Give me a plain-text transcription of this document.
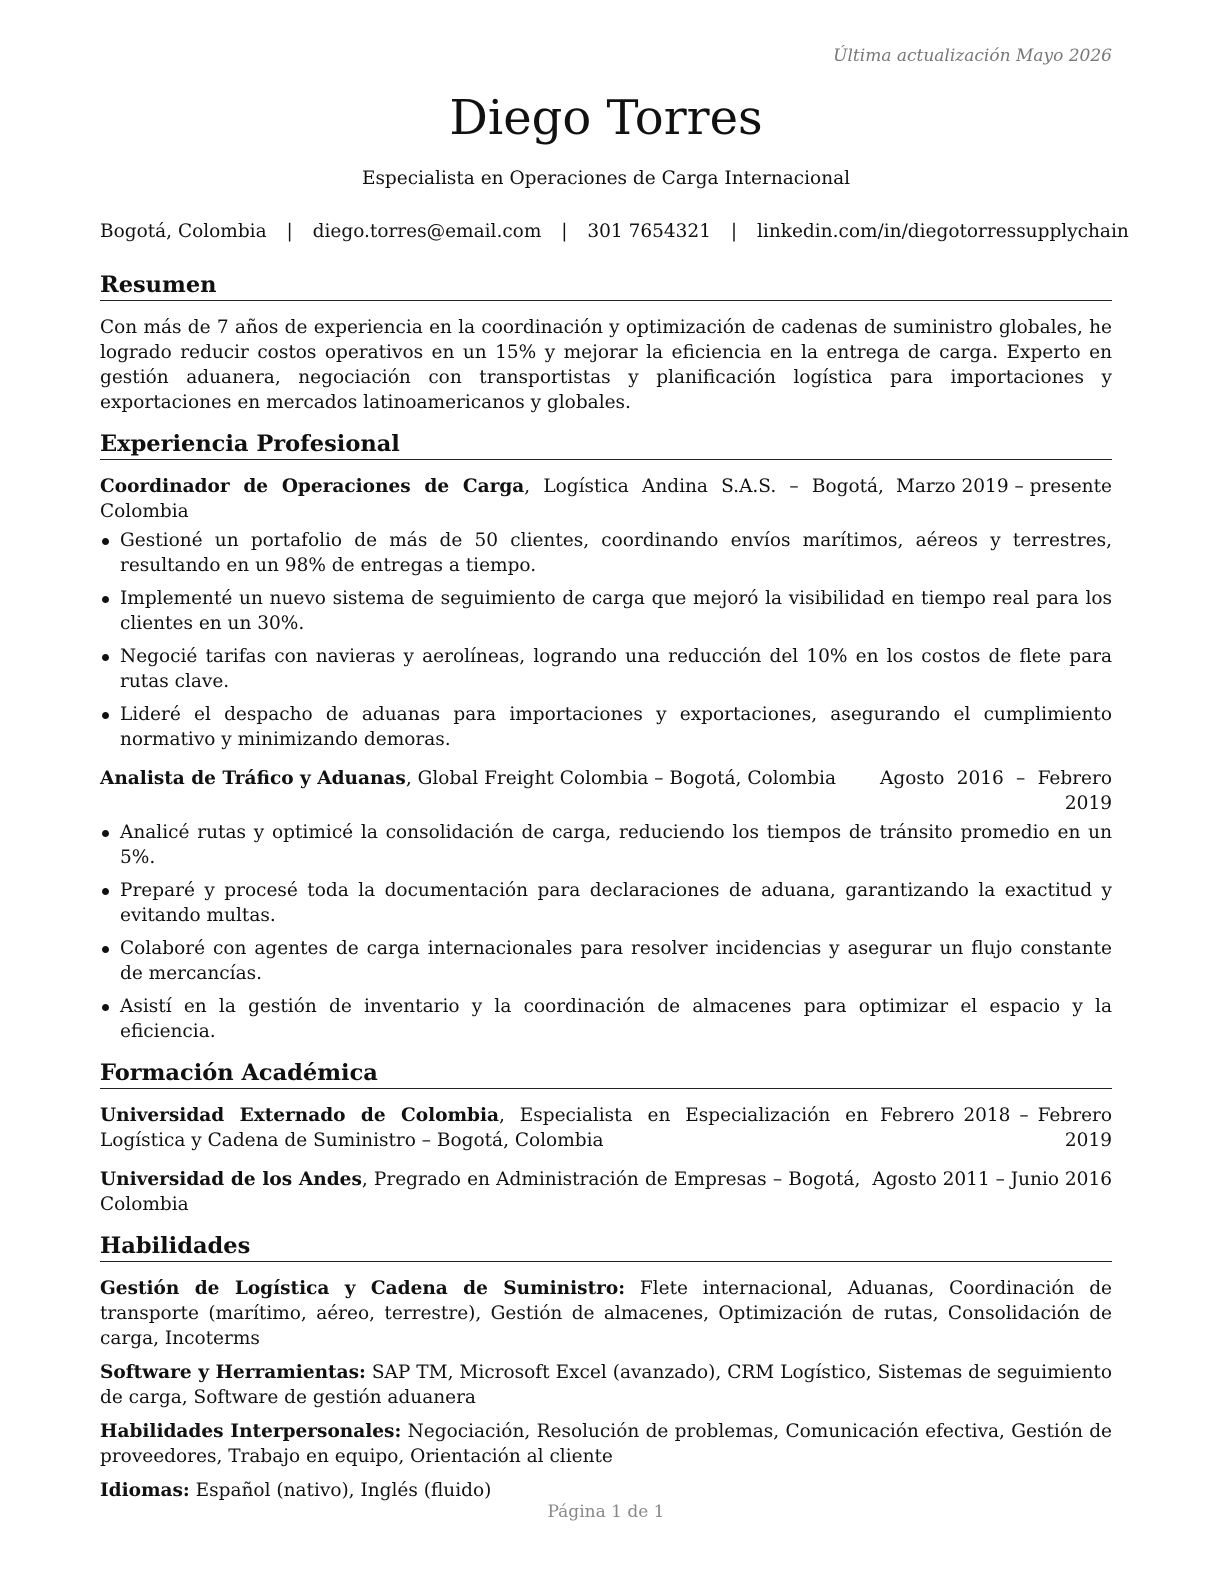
Última actualización Mayo 2026
Diego Torres
Especialista en Operaciones de Carga Internacional
Bogotá, Colombia | diego.torres@email.com | 301 7654321 | linkedin.com/in/diegotorressupplychain
Resumen
Con más de 7 años de experiencia en la coordinación y optimización de cadenas de suministro globales, he logrado reducir costos operativos en un 15% y mejorar la eficiencia en la entrega de carga. Experto en gestión aduanera, negociación con transportistas y planificación logística para importaciones y exportaciones en mercados latinoamericanos y globales.
Experiencia Profesional
Coordinador de Operaciones de Carga, Logística Andina S.A.S. – Bogotá, Colombia
Marzo 2019 – presente
Gestioné un portafolio de más de 50 clientes, coordinando envíos marítimos, aéreos y terrestres, resultando en un 98% de entregas a tiempo.
Implementé un nuevo sistema de seguimiento de carga que mejoró la visibilidad en tiempo real para los clientes en un 30%.
Negocié tarifas con navieras y aerolíneas, logrando una reducción del 10% en los costos de flete para rutas clave.
Lideré el despacho de aduanas para importaciones y exportaciones, asegurando el cumplimiento normativo y minimizando demoras.
Analista de Tráfico y Aduanas, Global Freight Colombia – Bogotá, Colombia	Agosto 2016 – Febrero 2019
Analicé rutas y optimicé la consolidación de carga, reduciendo los tiempos de tránsito promedio en un 5%.
Preparé y procesé toda la documentación para declaraciones de aduana, garantizando la exactitud y evitando multas.
Colaboré con agentes de carga internacionales para resolver incidencias y asegurar un flujo constante de mercancías.
Asistí en la gestión de inventario y la coordinación de almacenes para optimizar el espacio y la eficiencia.
Formación Académica
Universidad Externado de Colombia, Especialista en Especialización en Logística y Cadena de Suministro – Bogotá, Colombia
Febrero 2018 – Febrero 2019
Universidad de los Andes, Pregrado en Administración de Empresas – Bogotá, Colombia
Agosto 2011 – Junio 2016
Habilidades
Gestión de Logística y Cadena de Suministro: Flete internacional, Aduanas, Coordinación de transporte (marítimo, aéreo, terrestre), Gestión de almacenes, Optimización de rutas, Consolidación de carga, Incoterms
Software y Herramientas: SAP TM, Microsoft Excel (avanzado), CRM Logístico, Sistemas de seguimiento de carga, Software de gestión aduanera
Habilidades Interpersonales: Negociación, Resolución de problemas, Comunicación efectiva, Gestión de proveedores, Trabajo en equipo, Orientación al cliente
Idiomas: Español (nativo), Inglés (fluido)
Página 1 de 1
